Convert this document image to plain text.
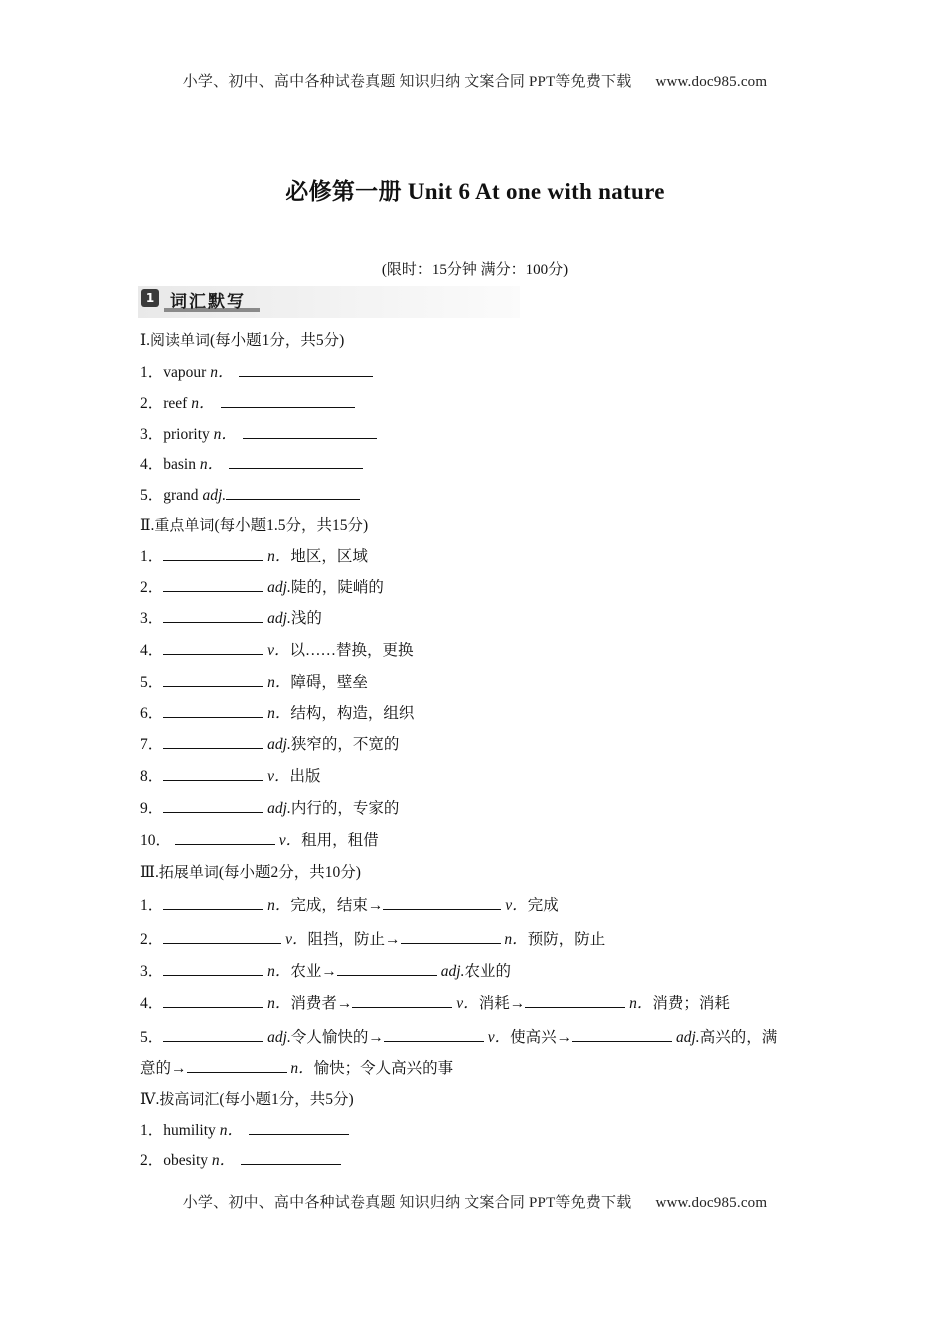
小学、初中、高中各种试卷真题 知识归纳 文案合同 PPT等免费下载 www.doc985.com
必修第一册 Unit 6 At one with nature
(限时：15分钟 满分：100分)
1 词汇默写
Ⅰ.阅读单词(每小题1分，共5分)
1．vapour n．
2．reef n．
3．priority n．
4．basin n．
5．grand adj.
Ⅱ.重点单词(每小题1.5分，共15分)
1．	n．地区，区域
2．	adj.陡的，陡峭的
3．	adj.浅的
4．	v．以……替换，更换
5．	n．障碍，壁垒
6．	n．结构，构造，组织
7．	adj.狭窄的，不宽的
8．	v．出版
9．	adj.内行的，专家的
10．	v．租用，租借
Ⅲ.拓展单词(每小题2分，共10分)
1．	n．完成，结束→	v．完成
2．	v．阻挡，防止→	n．预防，防止
3．	n．农业→	adj.农业的
4．	n．消费者→	v．消耗→	n．消费；消耗
5．	adj.令人愉快的→	v．使高兴→	adj.高兴的，满
意的→	n．愉快；令人高兴的事
Ⅳ.拔高词汇(每小题1分，共5分)
1．humility n．
2．obesity n．
小学、初中、高中各种试卷真题 知识归纳 文案合同 PPT等免费下载 www.doc985.com
